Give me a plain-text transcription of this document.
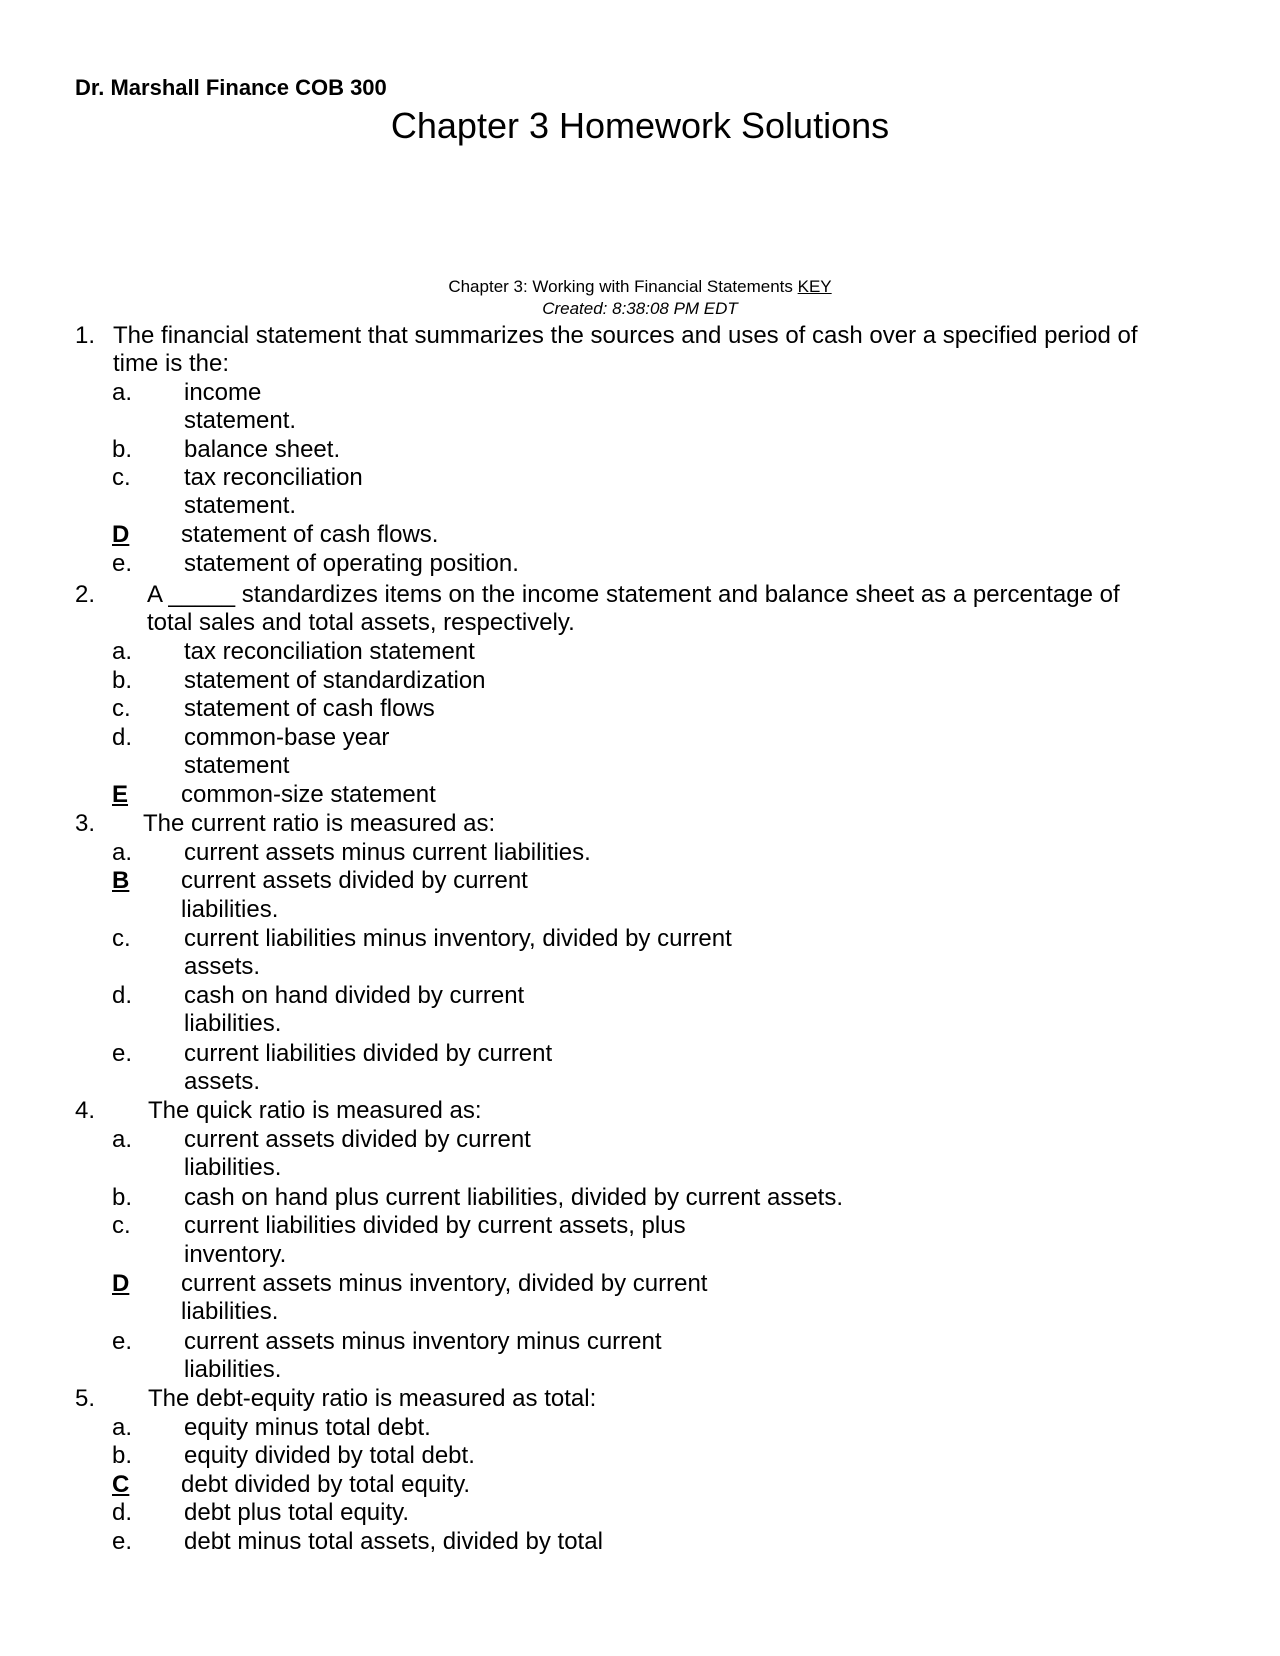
Dr. Marshall Finance COB 300
Chapter 3 Homework Solutions
Chapter 3: Working with Financial Statements KEY
Created: 8:38:08 PM EDT
1. The financial statement that summarizes the sources and uses of cash over a specified period of
time is the:
a. income
statement.
b. balance sheet.
c. tax reconciliation
statement.
D statement of cash flows.
e. statement of operating position.
2. A _____ standardizes items on the income statement and balance sheet as a percentage of
total sales and total assets, respectively.
a. tax reconciliation statement
b. statement of standardization
c. statement of cash flows
d. common-base year
statement
E common-size statement
3. The current ratio is measured as:
a. current assets minus current liabilities.
B current assets divided by current
liabilities.
c. current liabilities minus inventory, divided by current
assets.
d. cash on hand divided by current
liabilities.
e. current liabilities divided by current
assets.
4. The quick ratio is measured as:
a. current assets divided by current
liabilities.
b. cash on hand plus current liabilities, divided by current assets.
c. current liabilities divided by current assets, plus
inventory.
D current assets minus inventory, divided by current
liabilities.
e. current assets minus inventory minus current
liabilities.
5. The debt-equity ratio is measured as total:
a. equity minus total debt.
b. equity divided by total debt.
C debt divided by total equity.
d. debt plus total equity.
e. debt minus total assets, divided by total
